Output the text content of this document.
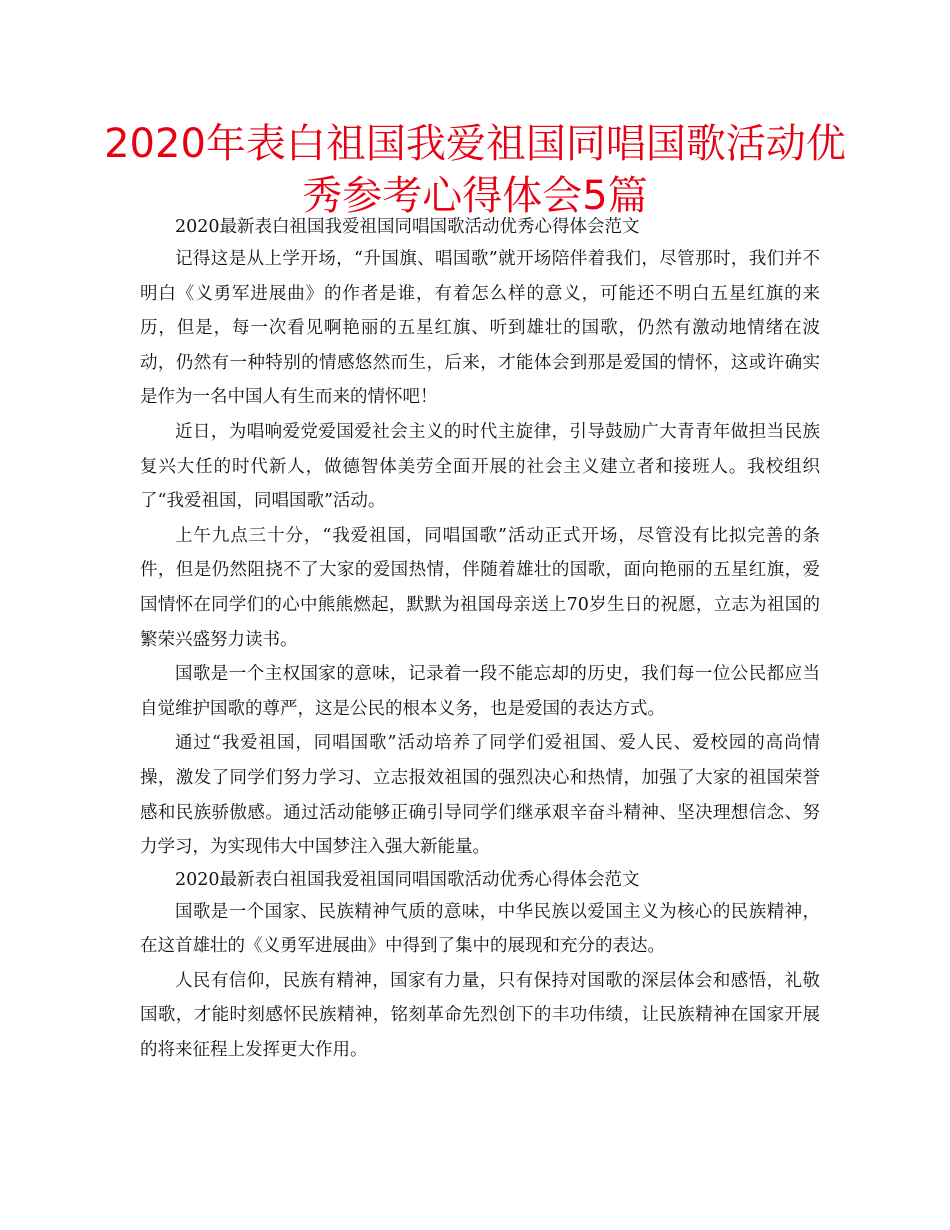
2020年表白祖国我爱祖国同唱国歌活动优秀参考心得体会5篇

2020最新表白祖国我爱祖国同唱国歌活动优秀心得体会范文

记得这是从上学开场，“升国旗、唱国歌”就开场陪伴着我们，尽管那时，我们并不明白《义勇军进展曲》的作者是谁，有着怎么样的意义，可能还不明白五星红旗的来历，但是，每一次看见啊艳丽的五星红旗、听到雄壮的国歌，仍然有激动地情绪在波动，仍然有一种特别的情感悠然而生，后来，才能体会到那是爱国的情怀，这或许确实是作为一名中国人有生而来的情怀吧！

近日，为唱响爱党爱国爱社会主义的时代主旋律，引导鼓励广大青青年做担当民族复兴大任的时代新人，做德智体美劳全面开展的社会主义建立者和接班人。我校组织了“我爱祖国，同唱国歌”活动。

上午九点三十分，“我爱祖国，同唱国歌”活动正式开场，尽管没有比拟完善的条件，但是仍然阻挠不了大家的爱国热情，伴随着雄壮的国歌，面向艳丽的五星红旗，爱国情怀在同学们的心中熊熊燃起，默默为祖国母亲送上70岁生日的祝愿，立志为祖国的繁荣兴盛努力读书。

国歌是一个主权国家的意味，记录着一段不能忘却的历史，我们每一位公民都应当自觉维护国歌的尊严，这是公民的根本义务，也是爱国的表达方式。

通过“我爱祖国，同唱国歌”活动培养了同学们爱祖国、爱人民、爱校园的高尚情操，激发了同学们努力学习、立志报效祖国的强烈决心和热情，加强了大家的祖国荣誉感和民族骄傲感。通过活动能够正确引导同学们继承艰辛奋斗精神、坚决理想信念、努力学习，为实现伟大中国梦注入强大新能量。

2020最新表白祖国我爱祖国同唱国歌活动优秀心得体会范文

国歌是一个国家、民族精神气质的意味，中华民族以爱国主义为核心的民族精神，在这首雄壮的《义勇军进展曲》中得到了集中的展现和充分的表达。

人民有信仰，民族有精神，国家有力量，只有保持对国歌的深层体会和感悟，礼敬国歌，才能时刻感怀民族精神，铭刻革命先烈创下的丰功伟绩，让民族精神在国家开展的将来征程上发挥更大作用。
